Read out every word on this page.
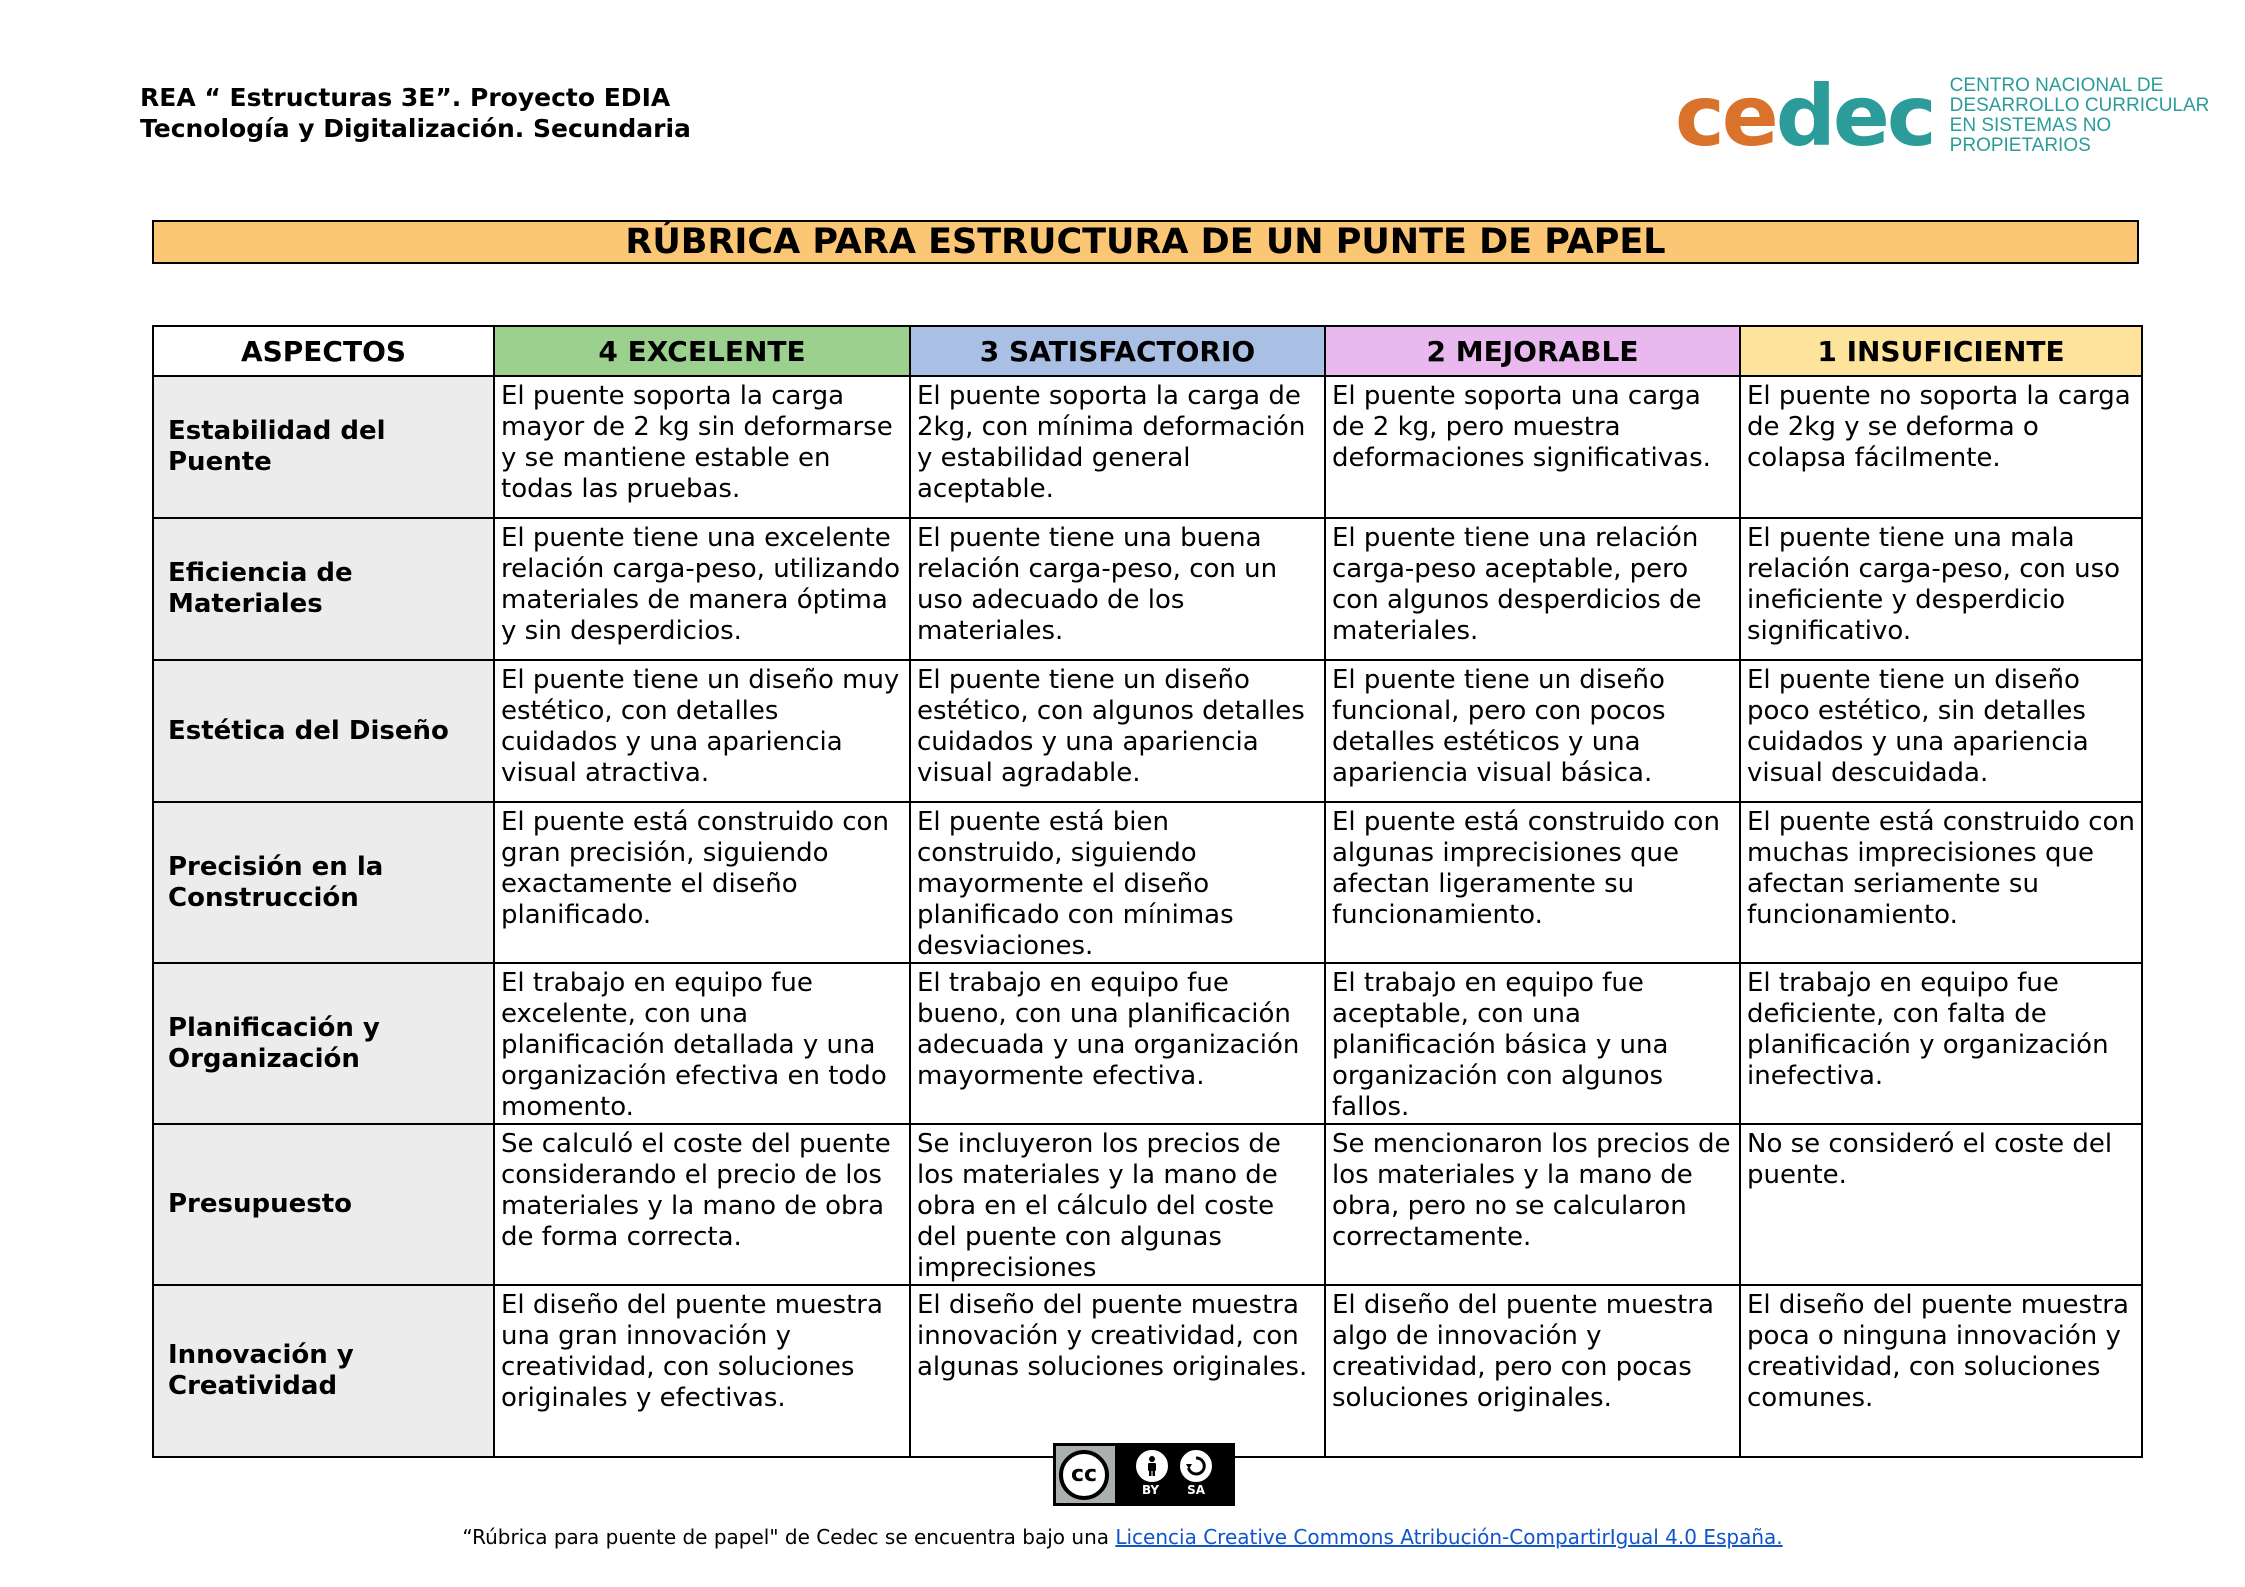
REA “ Estructuras 3E”. Proyecto EDIA
Tecnología y Digitalización. Secundaria	cedec CENTRO NACIONAL DE
DESARROLLO CURRICULAR
EN SISTEMAS NO PROPIETARIOS
RÚBRICA PARA ESTRUCTURA DE UN PUNTE DE PAPEL
ASPECTOS	4 EXCELENTE	3 SATISFACTORIO	2 MEJORABLE	1 INSUFICIENTE
Estabilidad del Puente	El puente soporta la carga mayor de 2 kg sin deformarse y se mantiene estable en todas las pruebas.	El puente soporta la carga de 2kg, con mínima deformación y estabilidad general aceptable.	El puente soporta una carga de 2 kg, pero muestra deformaciones significativas.	El puente no soporta la carga de 2kg y se deforma o colapsa fácilmente.
Eficiencia de Materiales	El puente tiene una excelente relación carga-peso, utilizando materiales de manera óptima y sin desperdicios.	El puente tiene una buena relación carga-peso, con un uso adecuado de los materiales.	El puente tiene una relación carga-peso aceptable, pero con algunos desperdicios de materiales.	El puente tiene una mala relación carga-peso, con uso ineficiente y desperdicio significativo.
Estética del Diseño	El puente tiene un diseño muy estético, con detalles cuidados y una apariencia visual atractiva.	El puente tiene un diseño estético, con algunos detalles cuidados y una apariencia visual agradable.	El puente tiene un diseño funcional, pero con pocos detalles estéticos y una apariencia visual básica.	El puente tiene un diseño poco estético, sin detalles cuidados y una apariencia visual descuidada.
Precisión en la Construcción	El puente está construido con gran precisión, siguiendo exactamente el diseño planificado.	El puente está bien construido, siguiendo mayormente el diseño planificado con mínimas desviaciones.	El puente está construido con algunas imprecisiones que afectan ligeramente su funcionamiento.	El puente está construido con muchas imprecisiones que afectan seriamente su funcionamiento.
Planificación y Organización	El trabajo en equipo fue excelente, con una planificación detallada y una organización efectiva en todo momento.	El trabajo en equipo fue bueno, con una planificación adecuada y una organización mayormente efectiva.	El trabajo en equipo fue aceptable, con una planificación básica y una organización con algunos fallos.	El trabajo en equipo fue deficiente, con falta de planificación y organización inefectiva.
Presupuesto	Se calculó el coste del puente considerando el precio de los materiales y la mano de obra de forma correcta.	Se incluyeron los precios de los materiales y la mano de obra en el cálculo del coste del puente con algunas imprecisiones	Se mencionaron los precios de los materiales y la mano de obra, pero no se calcularon correctamente.	No se consideró el coste del puente.
Innovación y Creatividad	El diseño del puente muestra una gran innovación y creatividad, con soluciones originales y efectivas.	El diseño del puente muestra innovación y creatividad, con algunas soluciones originales.	El diseño del puente muestra algo de innovación y creatividad, pero con pocas soluciones originales.	El diseño del puente muestra poca o ninguna innovación y creatividad, con soluciones comunes.
cc
BY SA
“Rúbrica para puente de papel" de Cedec se encuentra bajo una Licencia Creative Commons Atribución-CompartirIgual 4.0 España.
